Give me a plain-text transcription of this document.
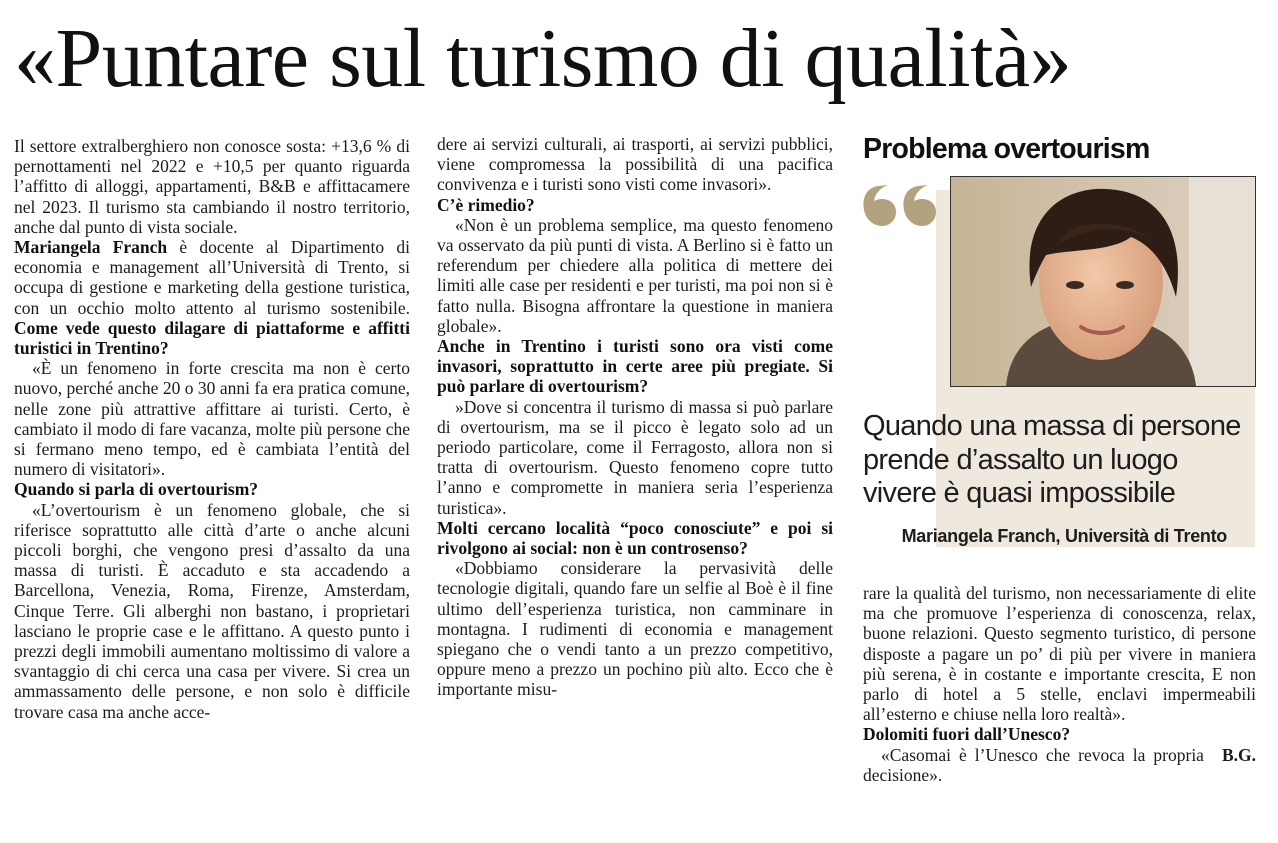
«Puntare sul turismo di qualità»

Il settore extralberghiero non conosce sosta: +13,6 % di pernottamenti nel 2022 e +10,5 per quanto riguarda l’affitto di alloggi, appartamenti, B&B e affittacamere nel 2023. Il turismo sta cambiando il nostro territorio, anche dal punto di vista sociale.

Mariangela Franch è docente al Dipartimento di economia e management all’Università di Trento, si occupa di gestione e marketing della gestione turistica, con un occhio molto attento al turismo sostenibile. Come vede questo dilagare di piattaforme e affitti turistici in Trentino?

«È un fenomeno in forte crescita ma non è certo nuovo, perché anche 20 o 30 anni fa era pratica comune, nelle zone più attrattive affittare ai turisti. Certo, è cambiato il modo di fare vacanza, molte più persone che si fermano meno tempo, ed è cambiata l’entità del numero di visitatori».

Quando si parla di overtourism?

«L’overtourism è un fenomeno globale, che si riferisce soprattutto alle città d’arte o anche alcuni piccoli borghi, che vengono presi d’assalto da una massa di turisti. È accaduto e sta accadendo a Barcellona, Venezia, Roma, Firenze, Amsterdam, Cinque Terre. Gli alberghi non bastano, i proprietari lasciano le proprie case e le affittano. A questo punto i prezzi degli immobili aumentano moltissimo di valore a svantaggio di chi cerca una casa per vivere. Si crea un ammassamento delle persone, e non solo è difficile trovare casa ma anche acce-

dere ai servizi culturali, ai trasporti, ai servizi pubblici, viene compromessa la possibilità di una pacifica convivenza e i turisti sono visti come invasori».

C’è rimedio?

«Non è un problema semplice, ma questo fenomeno va osservato da più punti di vista. A Berlino si è fatto un referendum per chiedere alla politica di mettere dei limiti alle case per residenti e per turisti, ma poi non si è fatto nulla. Bisogna affrontare la questione in maniera globale».

Anche in Trentino i turisti sono ora visti come invasori, soprattutto in certe aree più pregiate. Si può parlare di overtourism?

»Dove si concentra il turismo di massa si può parlare di overtourism, ma se il picco è legato solo ad un periodo particolare, come il Ferragosto, allora non si tratta di overtourism. Questo fenomeno copre tutto l’anno e compromette in maniera seria l’esperienza turistica».

Molti cercano località “poco conosciute” e poi si rivolgono ai social: non è un controsenso?

«Dobbiamo considerare la pervasività delle tecnologie digitali, quando fare un selfie al Boè è il fine ultimo dell’esperienza turistica, non camminare in montagna. I rudimenti di economia e management spiegano che o vendi tanto a un prezzo competitivo, oppure meno a prezzo un pochino più alto. Ecco che è importante misu-

Problema overtourism
Quando una massa di persone
prende d’assalto un luogo
vivere è quasi impossibile
Mariangela Franch, Università di Trento

rare la qualità del turismo, non necessariamente di elite ma che promuove l’esperienza di conoscenza, relax, buone relazioni. Questo segmento turistico, di persone disposte a pagare un po’ di più per vivere in maniera più serena, è in costante e importante crescita, E non parlo di hotel a 5 stelle, enclavi impermeabili all’esterno e chiuse nella loro realtà».

Dolomiti fuori dall’Unesco?

B.G.
«Casomai è l’Unesco che revoca la propria decisione».
